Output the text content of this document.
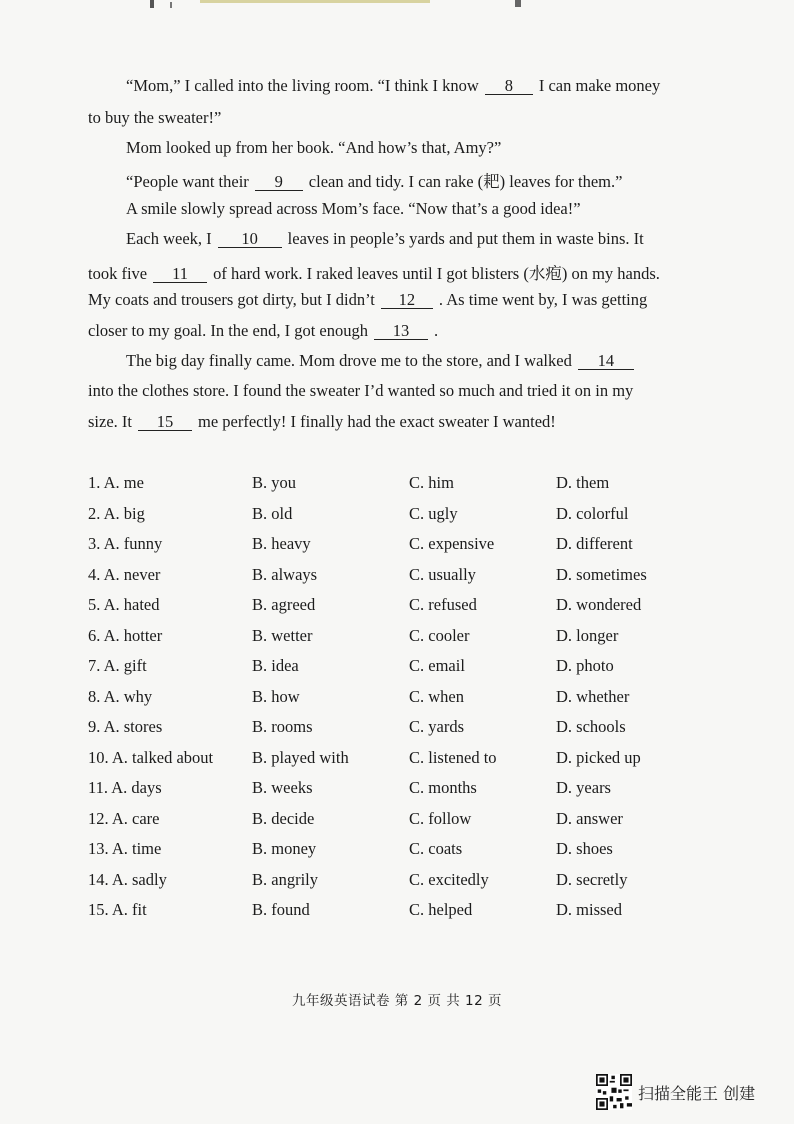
“Mom,” I called into the living room. “I think I know 8 I can make money
to buy the sweater!”
Mom looked up from her book. “And how’s that, Amy?”
“People want their 9 clean and tidy. I can rake (耙) leaves for them.”
A smile slowly spread across Mom’s face. “Now that’s a good idea!”
Each week, I 10 leaves in people’s yards and put them in waste bins. It
took five 11 of hard work. I raked leaves until I got blisters (水疱) on my hands.
My coats and trousers got dirty, but I didn’t 12 . As time went by, I was getting
closer to my goal. In the end, I got enough 13 .
The big day finally came. Mom drove me to the store, and I walked 14
into the clothes store. I found the sweater I’d wanted so much and tried it on in my
size. It 15 me perfectly! I finally had the exact sweater I wanted!
1. A. me	B. you	C. him	D. them
2. A. big	B. old	C. ugly	D. colorful
3. A. funny	B. heavy	C. expensive	D. different
4. A. never	B. always	C. usually	D. sometimes
5. A. hated	B. agreed	C. refused	D. wondered
6. A. hotter	B. wetter	C. cooler	D. longer
7. A. gift	B. idea	C. email	D. photo
8. A. why	B. how	C. when	D. whether
9. A. stores	B. rooms	C. yards	D. schools
10. A. talked about B. played with	C. listened to	D. picked up
11. A. days	B. weeks	C. months	D. years
12. A. care	B. decide	C. follow	D. answer
13. A. time	B. money	C. coats	D. shoes
14. A. sadly	B. angrily	C. excitedly	D. secretly
15. A. fit	B. found	C. helped	D. missed
九年级英语试卷 第 2 页 共 12 页
扫描全能王 创建
